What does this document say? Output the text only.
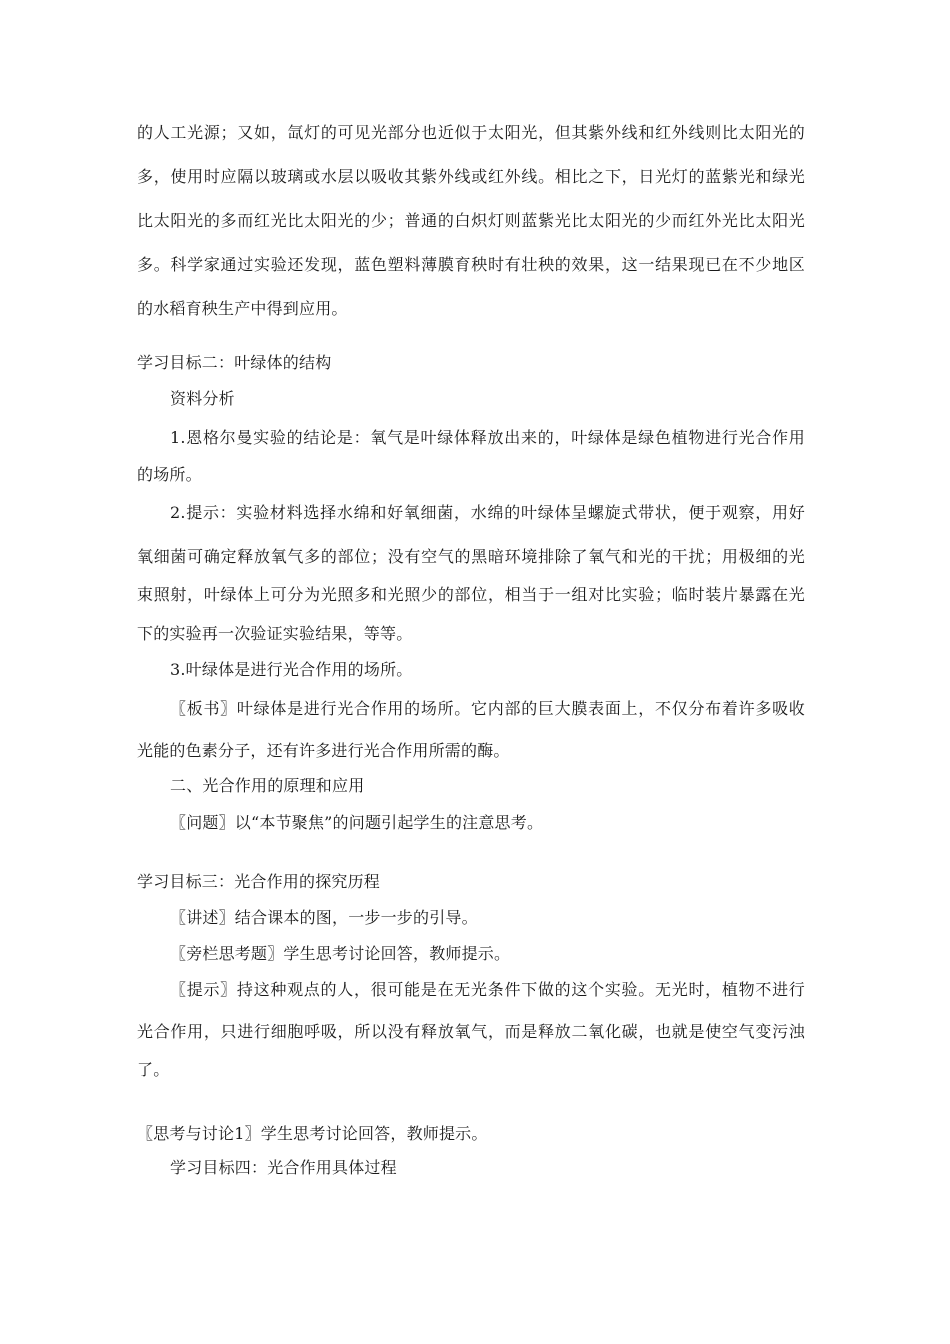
的人工光源；又如，氙灯的可见光部分也近似于太阳光，但其紫外线和红外线则比太阳光的
多，使用时应隔以玻璃或水层以吸收其紫外线或红外线。相比之下，日光灯的蓝紫光和绿光
比太阳光的多而红光比太阳光的少；普通的白炽灯则蓝紫光比太阳光的少而红外光比太阳光
多。科学家通过实验还发现，蓝色塑料薄膜育秧时有壮秧的效果，这一结果现已在不少地区
的水稻育秧生产中得到应用。
学习目标二：叶绿体的结构
资料分析
1.恩格尔曼实验的结论是：氧气是叶绿体释放出来的，叶绿体是绿色植物进行光合作用
的场所。
2.提示：实验材料选择水绵和好氧细菌，水绵的叶绿体呈螺旋式带状，便于观察，用好
氧细菌可确定释放氧气多的部位；没有空气的黑暗环境排除了氧气和光的干扰；用极细的光
束照射，叶绿体上可分为光照多和光照少的部位，相当于一组对比实验；临时装片暴露在光
下的实验再一次验证实验结果，等等。
3.叶绿体是进行光合作用的场所。
〖板书〗叶绿体是进行光合作用的场所。它内部的巨大膜表面上，不仅分布着许多吸收
光能的色素分子，还有许多进行光合作用所需的酶。
二、光合作用的原理和应用
〖问题〗以“本节聚焦”的问题引起学生的注意思考。
学习目标三：光合作用的探究历程
〖讲述〗结合课本的图，一步一步的引导。
〖旁栏思考题〗学生思考讨论回答，教师提示。
〖提示〗持这种观点的人，很可能是在无光条件下做的这个实验。无光时，植物不进行
光合作用，只进行细胞呼吸，所以没有释放氧气，而是释放二氧化碳，也就是使空气变污浊
了。
〖思考与讨论1〗学生思考讨论回答，教师提示。
学习目标四：光合作用具体过程
